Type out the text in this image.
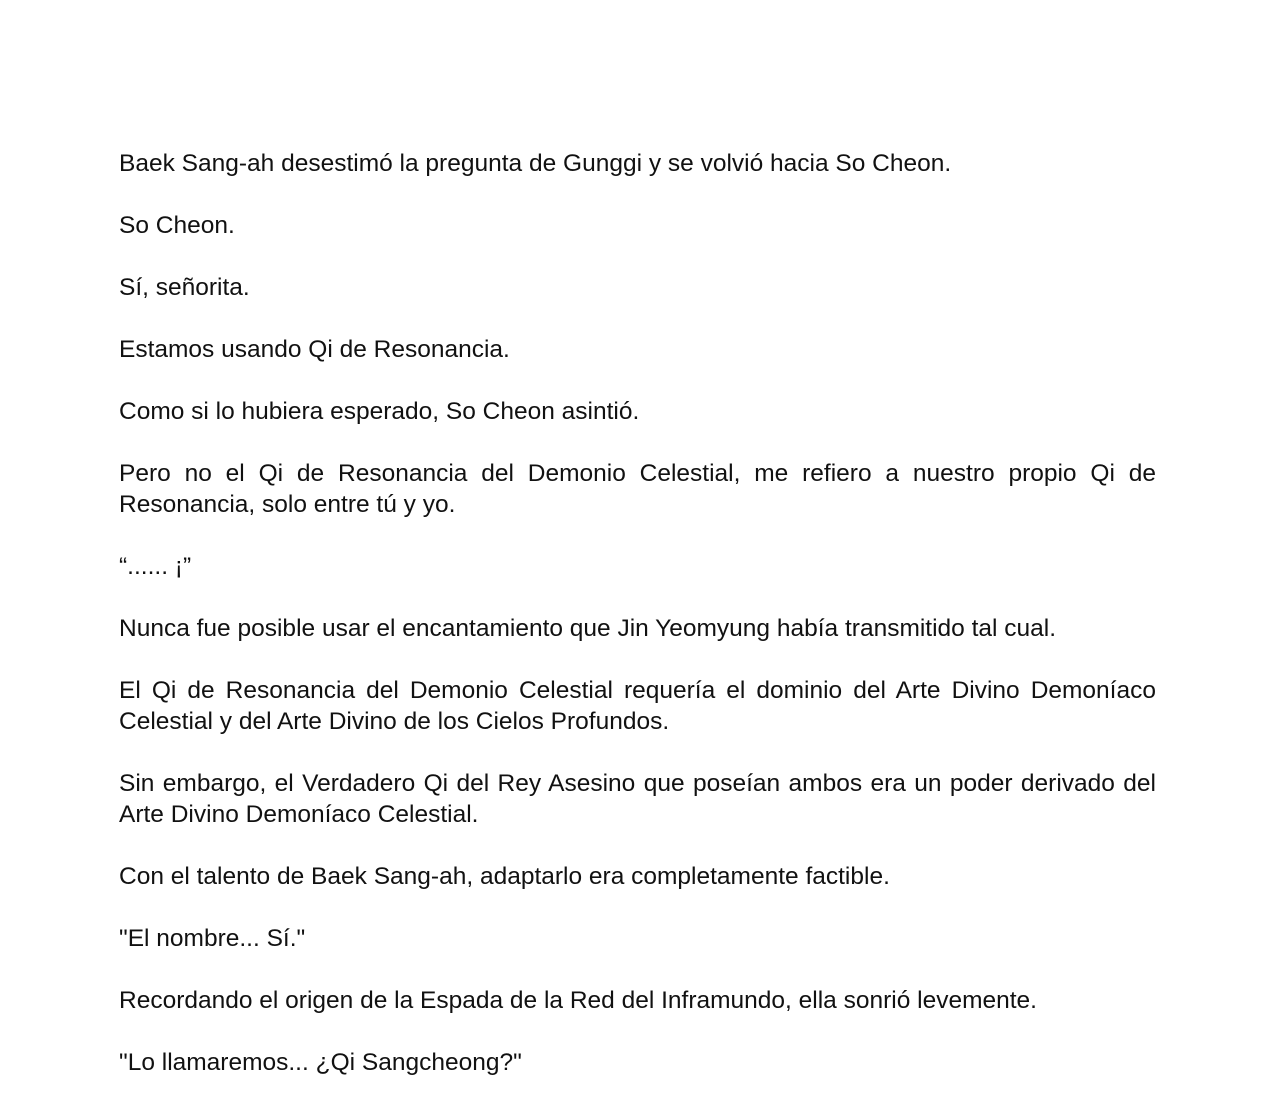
Baek Sang-ah desestimó la pregunta de Gunggi y se volvió hacia So Cheon.

So Cheon.

Sí, señorita.

Estamos usando Qi de Resonancia.

Como si lo hubiera esperado, So Cheon asintió.

Pero no el Qi de Resonancia del Demonio Celestial, me refiero a nuestro propio Qi de Resonancia, solo entre tú y yo.

“...... ¡”

Nunca fue posible usar el encantamiento que Jin Yeomyung había transmitido tal cual.

El Qi de Resonancia del Demonio Celestial requería el dominio del Arte Divino Demoníaco Celestial y del Arte Divino de los Cielos Profundos.

Sin embargo, el Verdadero Qi del Rey Asesino que poseían ambos era un poder derivado del Arte Divino Demoníaco Celestial.

Con el talento de Baek Sang-ah, adaptarlo era completamente factible.

"El nombre... Sí."

Recordando el origen de la Espada de la Red del Inframundo, ella sonrió levemente.

"Lo llamaremos... ¿Qi Sangcheong?"
